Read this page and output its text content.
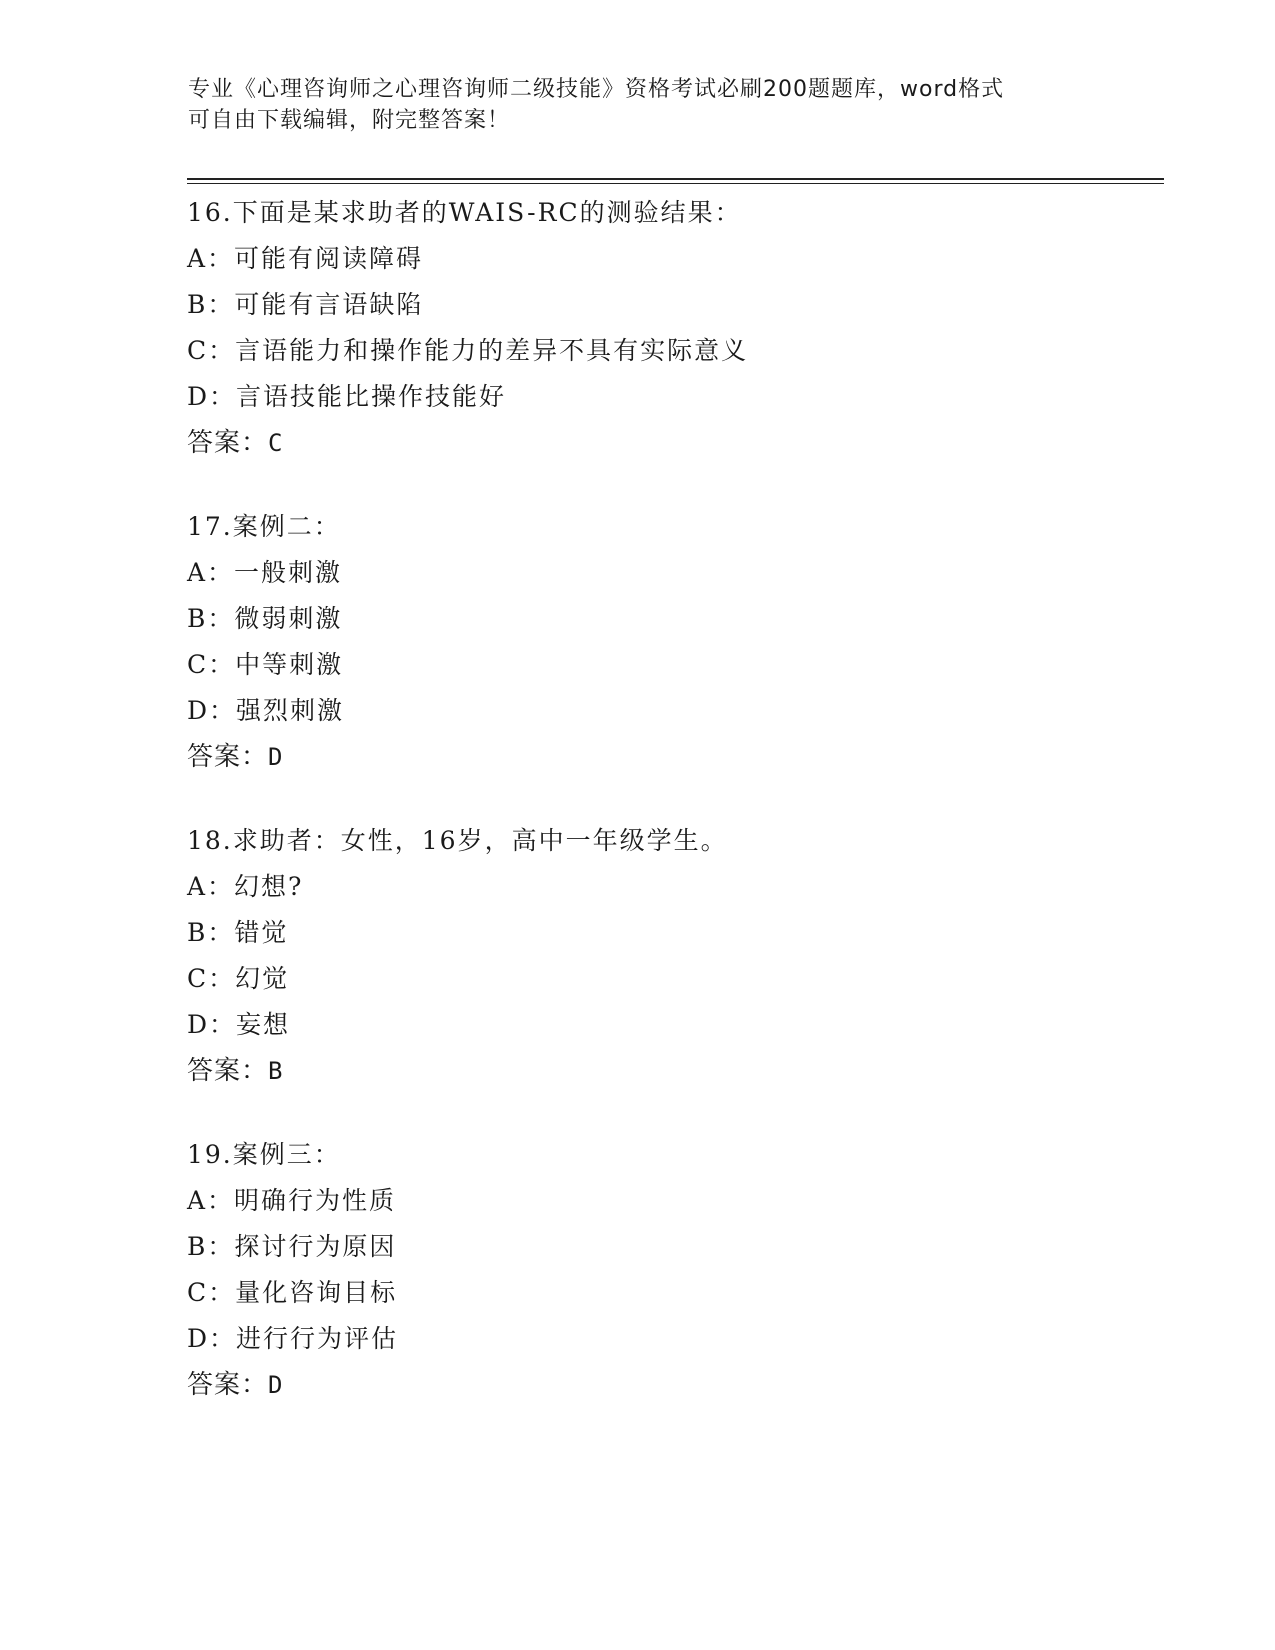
专业《心理咨询师之心理咨询师二级技能》资格考试必刷200题题库，word格式
可自由下载编辑，附完整答案！
16.下面是某求助者的WAIS-RC的测验结果：
A：可能有阅读障碍
B：可能有言语缺陷
C：言语能力和操作能力的差异不具有实际意义
D：言语技能比操作技能好
答案：C
17.案例二：
A：一般刺激
B：微弱刺激
C：中等刺激
D：强烈刺激
答案：D
18.求助者：女性，16岁，高中一年级学生。
A：幻想?
B：错觉
C：幻觉
D：妄想
答案：B
19.案例三：
A：明确行为性质
B：探讨行为原因
C：量化咨询目标
D：进行行为评估
答案：D
